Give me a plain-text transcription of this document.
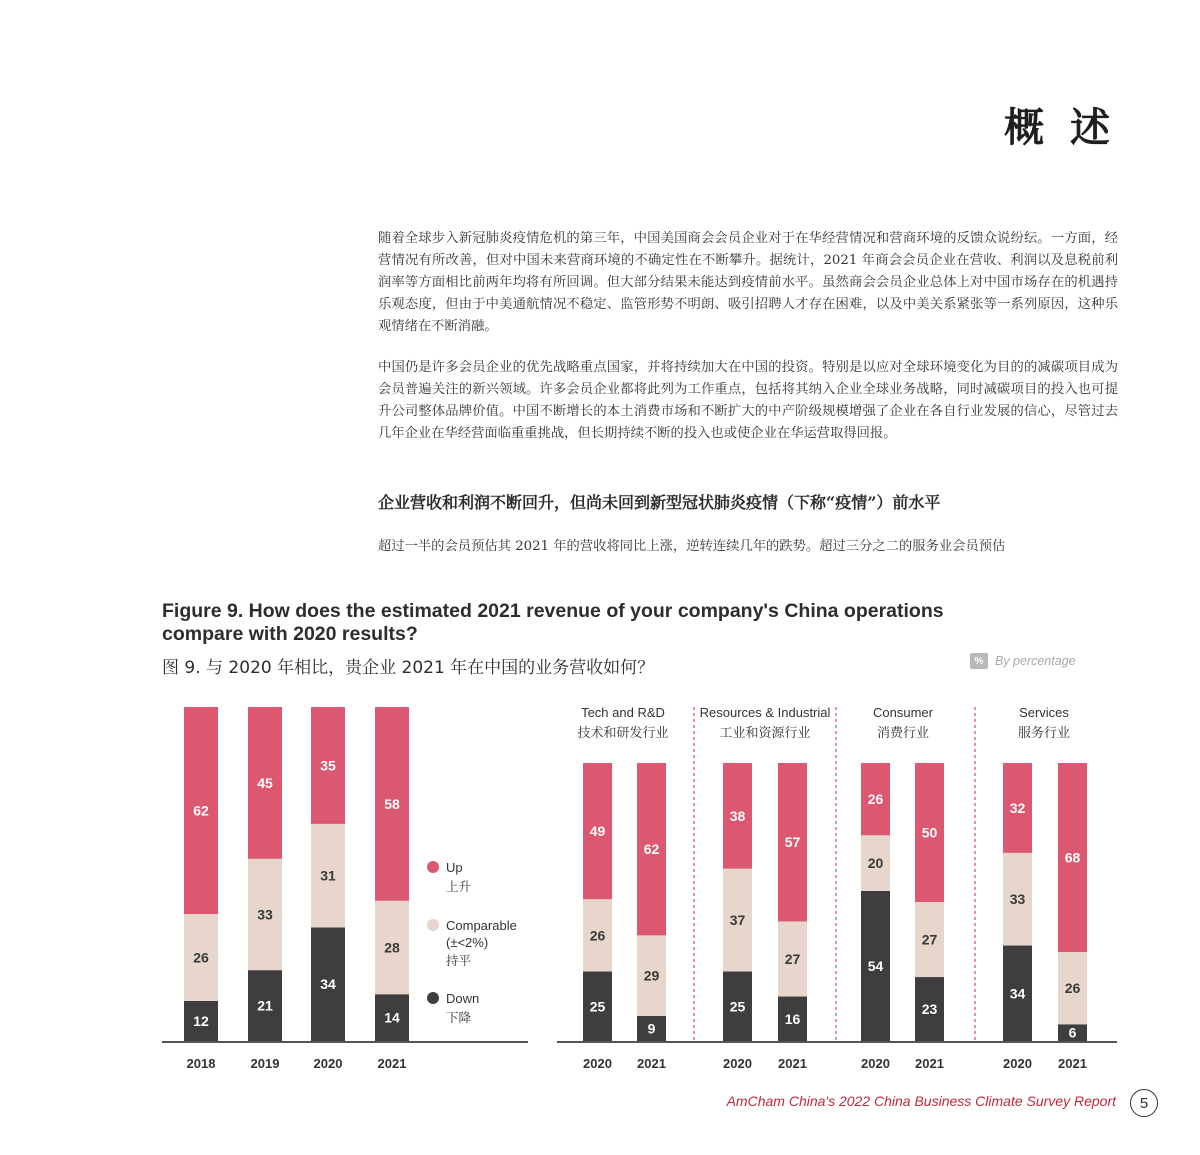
概 述

随着全球步入新冠肺炎疫情危机的第三年，中国美国商会会员企业对于在华经营情况和营商环境的反馈众说纷纭。一方面，经营情况有所改善，但对中国未来营商环境的不确定性在不断攀升。据统计，2021 年商会会员企业在营收、利润以及息税前利润率等方面相比前两年均将有所回调。但大部分结果未能达到疫情前水平。虽然商会会员企业总体上对中国市场存在的机遇持乐观态度，但由于中美通航情况不稳定、监管形势不明朗、吸引招聘人才存在困难，以及中美关系紧张等一系列原因，这种乐观情绪在不断消融。

中国仍是许多会员企业的优先战略重点国家，并将持续加大在中国的投资。特别是以应对全球环境变化为目的的减碳项目成为会员普遍关注的新兴领域。许多会员企业都将此列为工作重点，包括将其纳入企业全球业务战略，同时减碳项目的投入也可提升公司整体品牌价值。中国不断增长的本土消费市场和不断扩大的中产阶级规模增强了企业在各自行业发展的信心，尽管过去几年企业在华经营面临重重挑战，但长期持续不断的投入也或使企业在华运营取得回报。

企业营收和利润不断回升，但尚未回到新型冠状肺炎疫情（下称“疫情”）前水平

超过一半的会员预估其 2021 年的营收将同比上涨，逆转连续几年的跌势。超过三分之二的服务业会员预估

Figure 9. How does the estimated 2021 revenue of your company's China operations compare with 2020 results?
图 9. 与 2020 年相比，贵企业 2021 年在中国的业务营收如何？	% By percentage
12
26
62
2018
21
33
45
2019
34
31
35
2020
14
28
58
2021
Up
上升
Comparable
(±<2%)
持平
Down
下降
Tech and R&D
技术和研发行业
25
26
49
2020
9
29
62
2021
Resources & Industrial
工业和资源行业
25
37
38
2020
16
27
57
2021
Consumer
消费行业
54
20
26
2020
23
27
50
2021
Services
服务行业
34
33
32
2020
6
26
68
2021
AmCham China's 2022 China Business Climate Survey Report	5
